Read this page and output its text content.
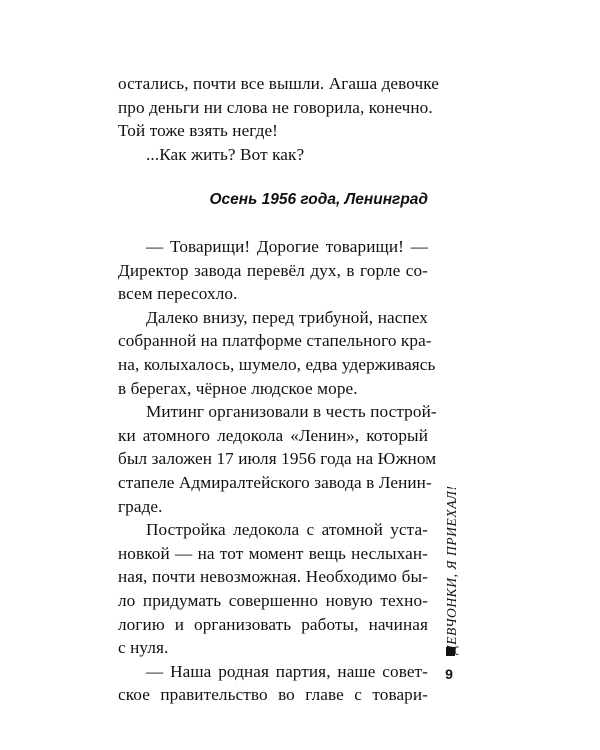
остались, почти все вышли. Агаша девочке
про деньги ни слова не говорила, конечно.
Той тоже взять негде!
...Как жить? Вот как?
Осень 1956 года, Ленинград
— Товарищи! Дорогие товарищи! —
Директор завода перевёл дух, в горле со-
всем пересохло.
Далеко внизу, перед трибуной, наспех
собранной на платформе стапельного кра-
на, колыхалось, шумело, едва удерживаясь
в берегах, чёрное людское море.
Митинг организовали в честь построй-
ки атомного ледокола «Ленин», который
был заложен 17 июля 1956 года на Южном
стапеле Адмиралтейского завода в Ленин-
граде.
Постройка ледокола с атомной уста-
новкой — на тот момент вещь неслыхан-
ная, почти невозможная. Необходимо бы-
ло придумать совершенно новую техно-
логию и организовать работы, начиная
с нуля.
— Наша родная партия, наше совет-
ское правительство во главе с товари-
ДЕВЧОНКИ, Я ПРИЕХАЛ!
9
